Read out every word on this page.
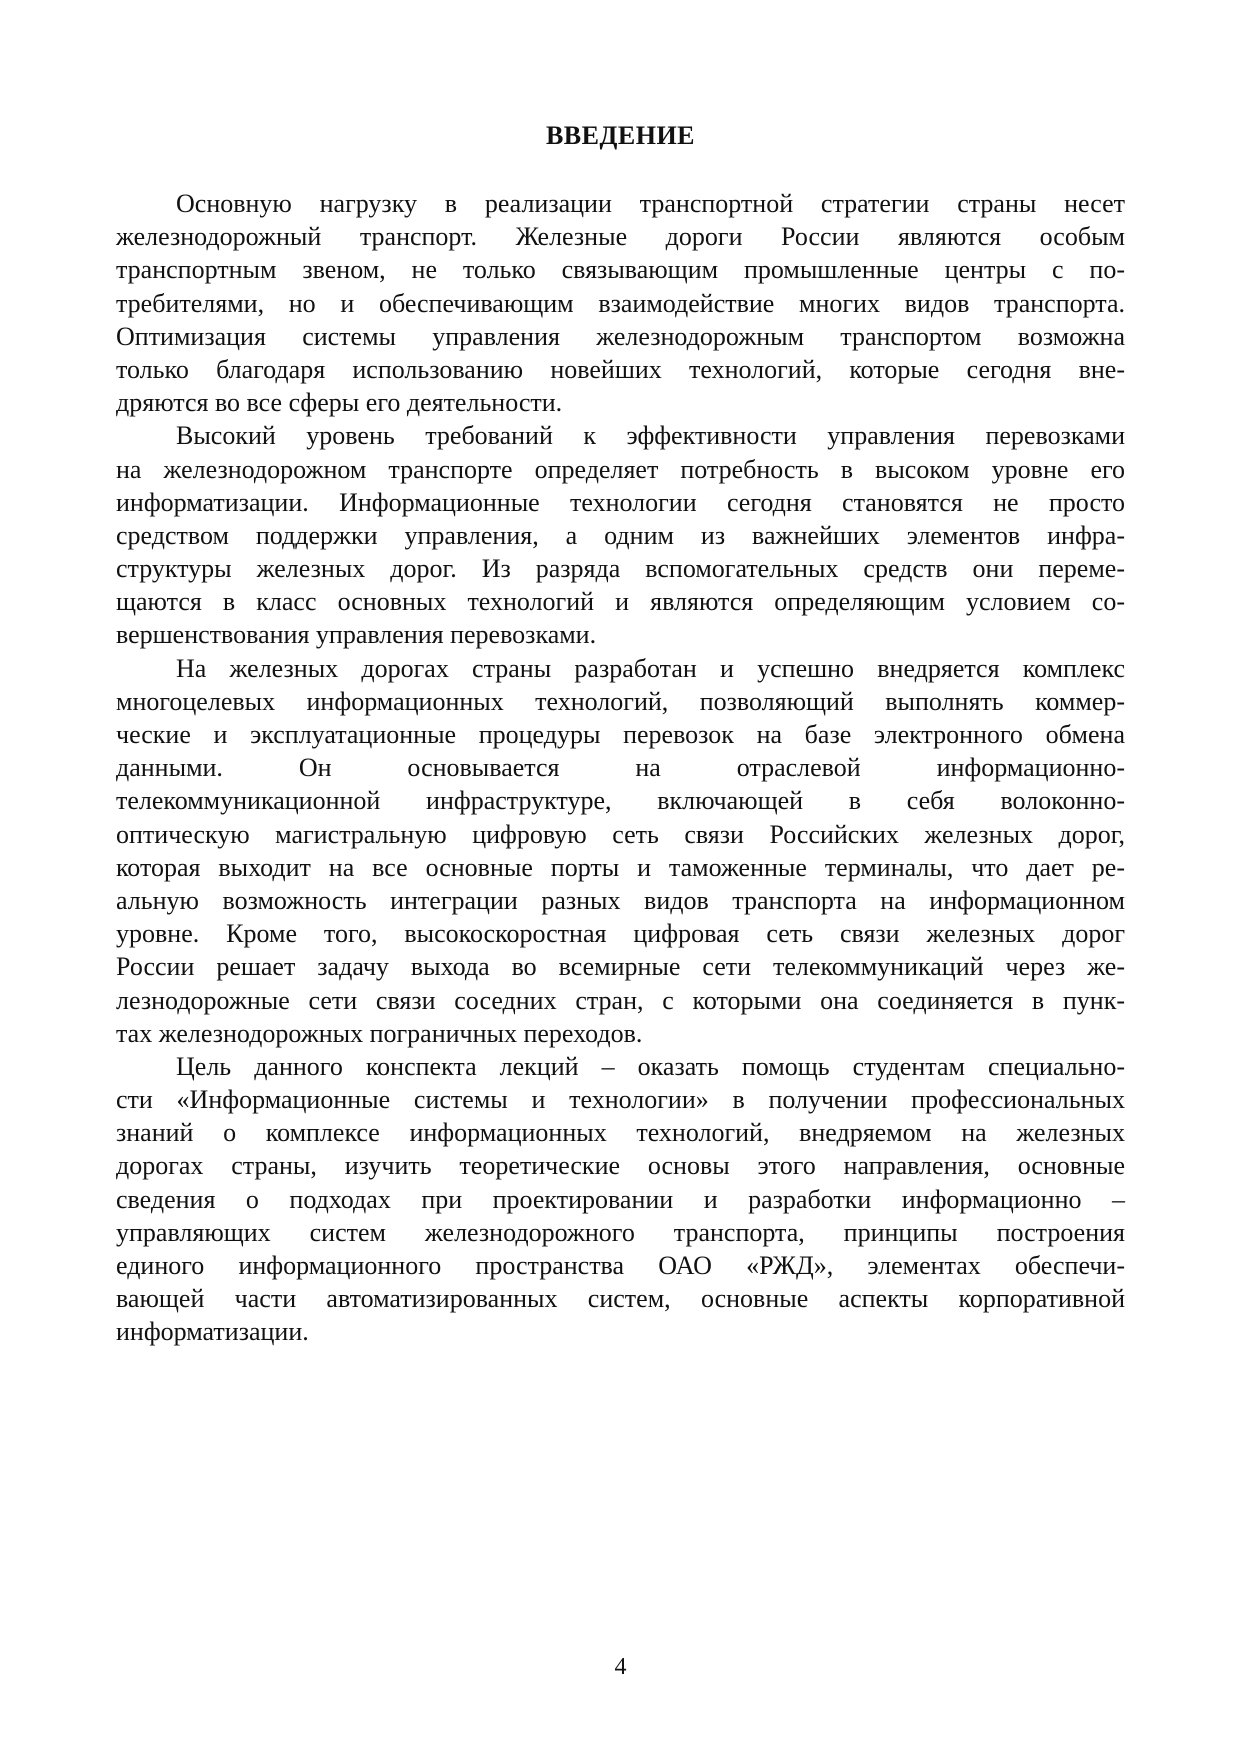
ВВЕДЕНИЕ
Основную нагрузку в реализации транспортной стратегии страны несет
железнодорожный транспорт. Железные дороги России являются особым
транспортным звеном, не только связывающим промышленные центры с по-
требителями, но и обеспечивающим взаимодействие многих видов транспорта.
Оптимизация системы управления железнодорожным транспортом возможна
только благодаря использованию новейших технологий, которые сегодня вне-
дряются во все сферы его деятельности.
Высокий уровень требований к эффективности управления перевозками
на железнодорожном транспорте определяет потребность в высоком уровне его
информатизации. Информационные технологии сегодня становятся не просто
средством поддержки управления, а одним из важнейших элементов инфра-
структуры железных дорог. Из разряда вспомогательных средств они переме-
щаются в класс основных технологий и являются определяющим условием со-
вершенствования управления перевозками.
На железных дорогах страны разработан и успешно внедряется комплекс
многоцелевых информационных технологий, позволяющий выполнять коммер-
ческие и эксплуатационные процедуры перевозок на базе электронного обмена
данными. Он основывается на отраслевой информационно-
телекоммуникационной инфраструктуре, включающей в себя волоконно-
оптическую магистральную цифровую сеть связи Российских железных дорог,
которая выходит на все основные порты и таможенные терминалы, что дает ре-
альную возможность интеграции разных видов транспорта на информационном
уровне. Кроме того, высокоскоростная цифровая сеть связи железных дорог
России решает задачу выхода во всемирные сети телекоммуникаций через же-
лезнодорожные сети связи соседних стран, с которыми она соединяется в пунк-
тах железнодорожных пограничных переходов.
Цель данного конспекта лекций – оказать помощь студентам специально-
сти «Информационные системы и технологии» в получении профессиональных
знаний о комплексе информационных технологий, внедряемом на железных
дорогах страны, изучить теоретические основы этого направления, основные
сведения о подходах при проектировании и разработки информационно –
управляющих систем железнодорожного транспорта, принципы построения
единого информационного пространства ОАО «РЖД», элементах обеспечи-
вающей части автоматизированных систем, основные аспекты корпоративной
информатизации.
4
